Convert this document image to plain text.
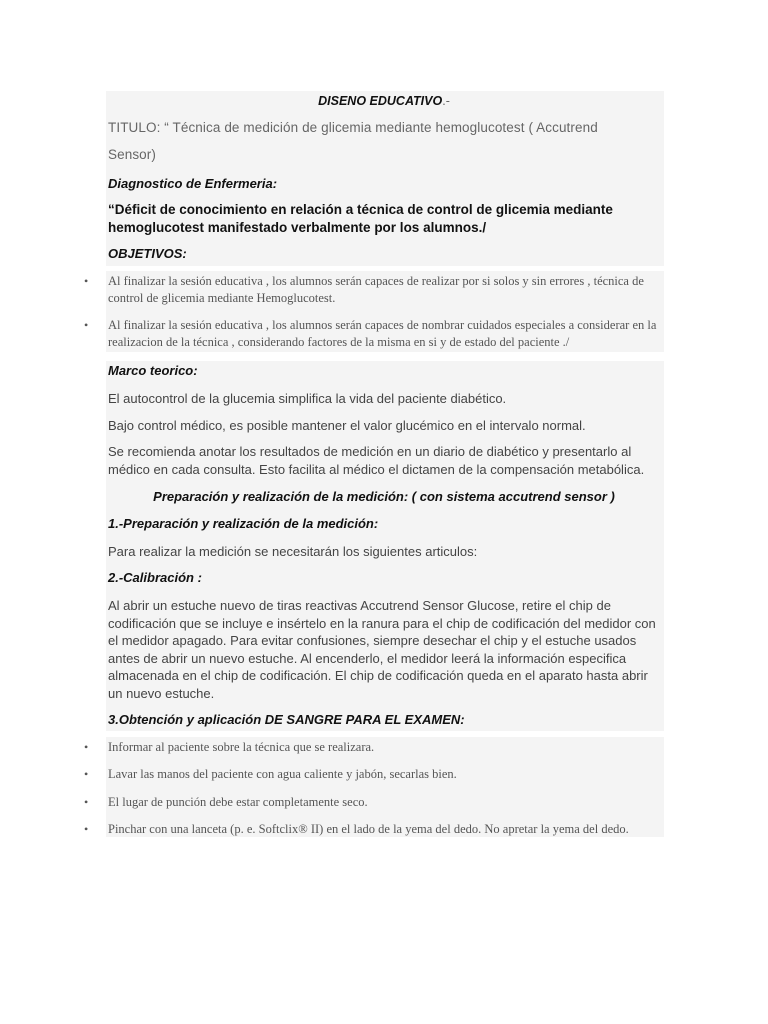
DISENO EDUCATIVO.-
TITULO: “ Técnica de medición de glicemia mediante hemoglucotest ( Accutrend
Sensor)
Diagnostico de Enfermeria:
“Déficit de conocimiento en relación a técnica de control de glicemia mediante hemoglucotest manifestado verbalmente por los alumnos./
OBJETIVOS:
• Al finalizar la sesión educativa , los alumnos serán capaces de realizar por si solos y sin errores , técnica de control de glicemia mediante Hemoglucotest.
• Al finalizar la sesión educativa , los alumnos serán capaces de nombrar cuidados especiales a considerar en la realizacion de la técnica , considerando factores de la misma en si y de estado del paciente ./
Marco teorico:
El autocontrol de la glucemia simplifica la vida del paciente diabético.
Bajo control médico, es posible mantener el valor glucémico en el intervalo normal.
Se recomienda anotar los resultados de medición en un diario de diabético y presentarlo al médico en cada consulta. Esto facilita al médico el dictamen de la compensación metabólica.
Preparación y realización de la medición: ( con sistema accutrend sensor )
1.-Preparación y realización de la medición:
Para realizar la medición se necesitarán los siguientes articulos:
2.-Calibración :
Al abrir un estuche nuevo de tiras reactivas Accutrend Sensor Glucose, retire el chip de codificación que se incluye e insértelo en la ranura para el chip de codificación del medidor con el medidor apagado. Para evitar confusiones, siempre desechar el chip y el estuche usados antes de abrir un nuevo estuche. Al encenderlo, el medidor leerá la información especifica almacenada en el chip de codificación. El chip de codificación queda en el aparato hasta abrir un nuevo estuche.
3.Obtención y aplicación DE SANGRE PARA EL EXAMEN:
• Informar al paciente sobre la técnica que se realizara.
• Lavar las manos del paciente con agua caliente y jabón, secarlas bien.
• El lugar de punción debe estar completamente seco.
• Pinchar con una lanceta (p. e. Softclix® II) en el lado de la yema del dedo. No apretar la yema del dedo.
